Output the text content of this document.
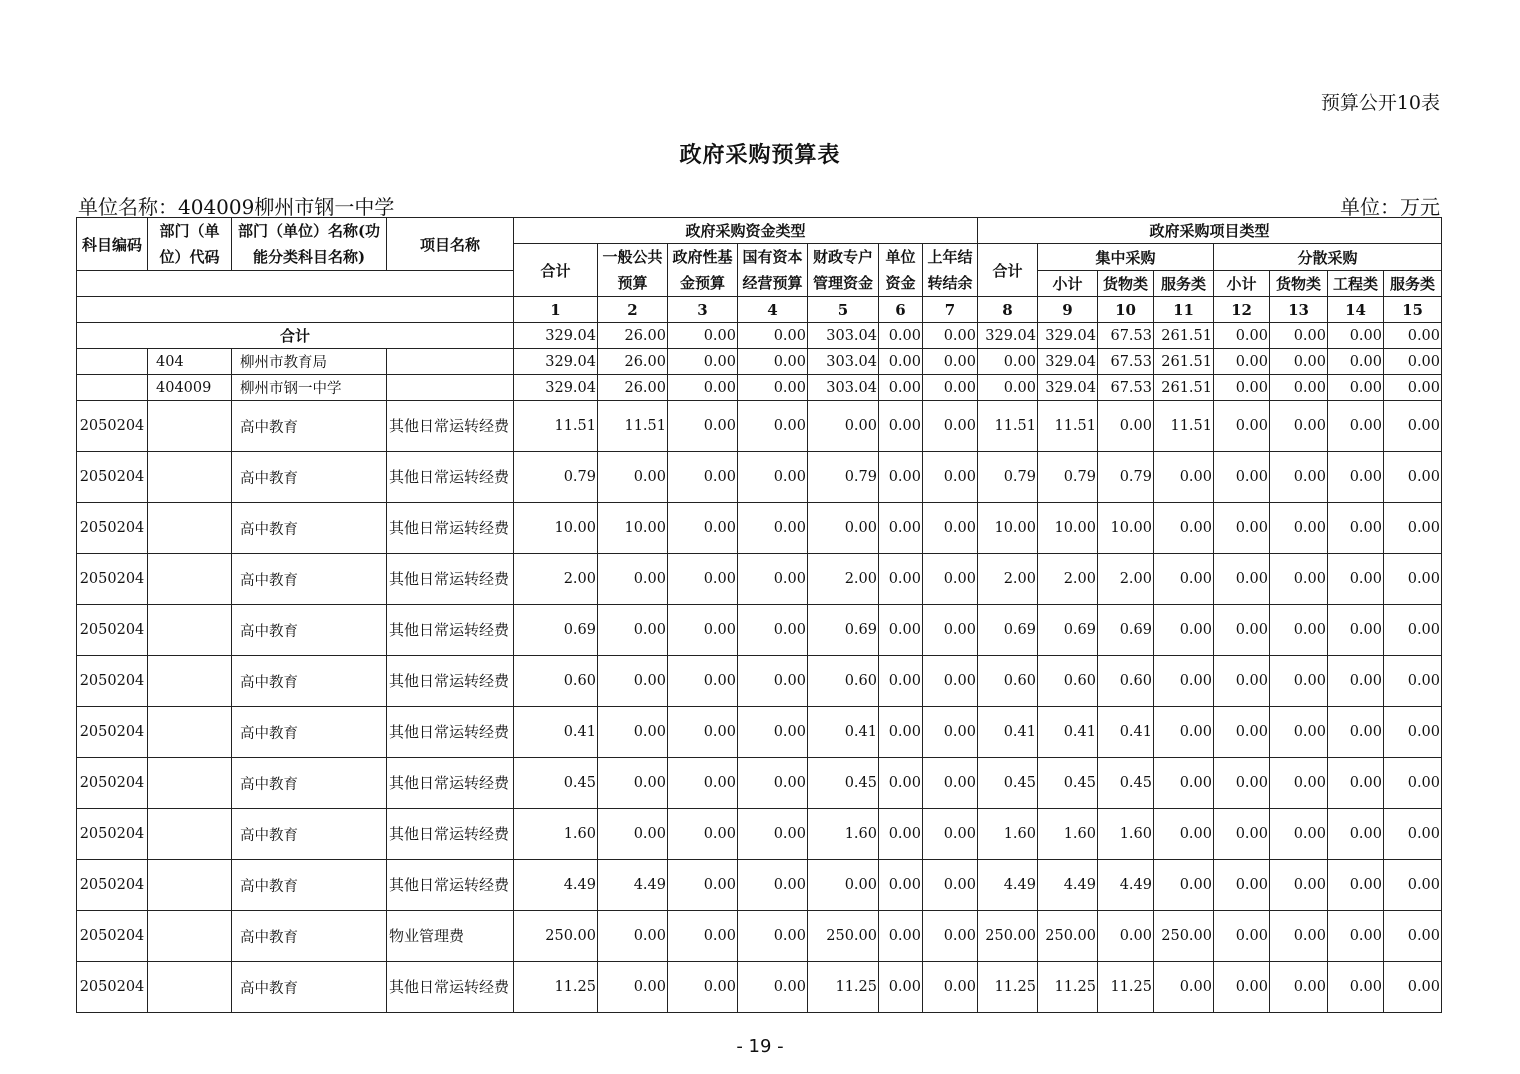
预算公开10表
政府采购预算表
单位名称：404009柳州市钢一中学	单位：万元
科目编码	部门（单位）代码	部门（单位）名称(功能分类科目名称)	项目名称	政府采购资金类型							政府采购项目类型							
				合计	一般公共预算	政府性基金预算	国有资本经营预算	财政专户管理资金	单位资金	上年结转结余	合计	集中采购			分散采购			
												小计	货物类	服务类	小计	货物类	工程类	服务类
				1	2	3	4	5	6	7	8	9	10	11	12	13	14	15
合计				329.04	26.00	0.00	0.00	303.04	0.00	0.00	329.04	329.04	67.53	261.51	0.00	0.00	0.00	0.00
	404	柳州市教育局		329.04	26.00	0.00	0.00	303.04	0.00	0.00	0.00	329.04	67.53	261.51	0.00	0.00	0.00	0.00
	404009	柳州市钢一中学		329.04	26.00	0.00	0.00	303.04	0.00	0.00	0.00	329.04	67.53	261.51	0.00	0.00	0.00	0.00
2050204		高中教育	其他日常运转经费	11.51	11.51	0.00	0.00	0.00	0.00	0.00	11.51	11.51	0.00	11.51	0.00	0.00	0.00	0.00
2050204		高中教育	其他日常运转经费	0.79	0.00	0.00	0.00	0.79	0.00	0.00	0.79	0.79	0.79	0.00	0.00	0.00	0.00	0.00
2050204		高中教育	其他日常运转经费	10.00	10.00	0.00	0.00	0.00	0.00	0.00	10.00	10.00	10.00	0.00	0.00	0.00	0.00	0.00
2050204		高中教育	其他日常运转经费	2.00	0.00	0.00	0.00	2.00	0.00	0.00	2.00	2.00	2.00	0.00	0.00	0.00	0.00	0.00
2050204		高中教育	其他日常运转经费	0.69	0.00	0.00	0.00	0.69	0.00	0.00	0.69	0.69	0.69	0.00	0.00	0.00	0.00	0.00
2050204		高中教育	其他日常运转经费	0.60	0.00	0.00	0.00	0.60	0.00	0.00	0.60	0.60	0.60	0.00	0.00	0.00	0.00	0.00
2050204		高中教育	其他日常运转经费	0.41	0.00	0.00	0.00	0.41	0.00	0.00	0.41	0.41	0.41	0.00	0.00	0.00	0.00	0.00
2050204		高中教育	其他日常运转经费	0.45	0.00	0.00	0.00	0.45	0.00	0.00	0.45	0.45	0.45	0.00	0.00	0.00	0.00	0.00
2050204		高中教育	其他日常运转经费	1.60	0.00	0.00	0.00	1.60	0.00	0.00	1.60	1.60	1.60	0.00	0.00	0.00	0.00	0.00
2050204		高中教育	其他日常运转经费	4.49	4.49	0.00	0.00	0.00	0.00	0.00	4.49	4.49	4.49	0.00	0.00	0.00	0.00	0.00
2050204		高中教育	物业管理费	250.00	0.00	0.00	0.00	250.00	0.00	0.00	250.00	250.00	0.00	250.00	0.00	0.00	0.00	0.00
2050204		高中教育	其他日常运转经费	11.25	0.00	0.00	0.00	11.25	0.00	0.00	11.25	11.25	11.25	0.00	0.00	0.00	0.00	0.00
- 19 -
